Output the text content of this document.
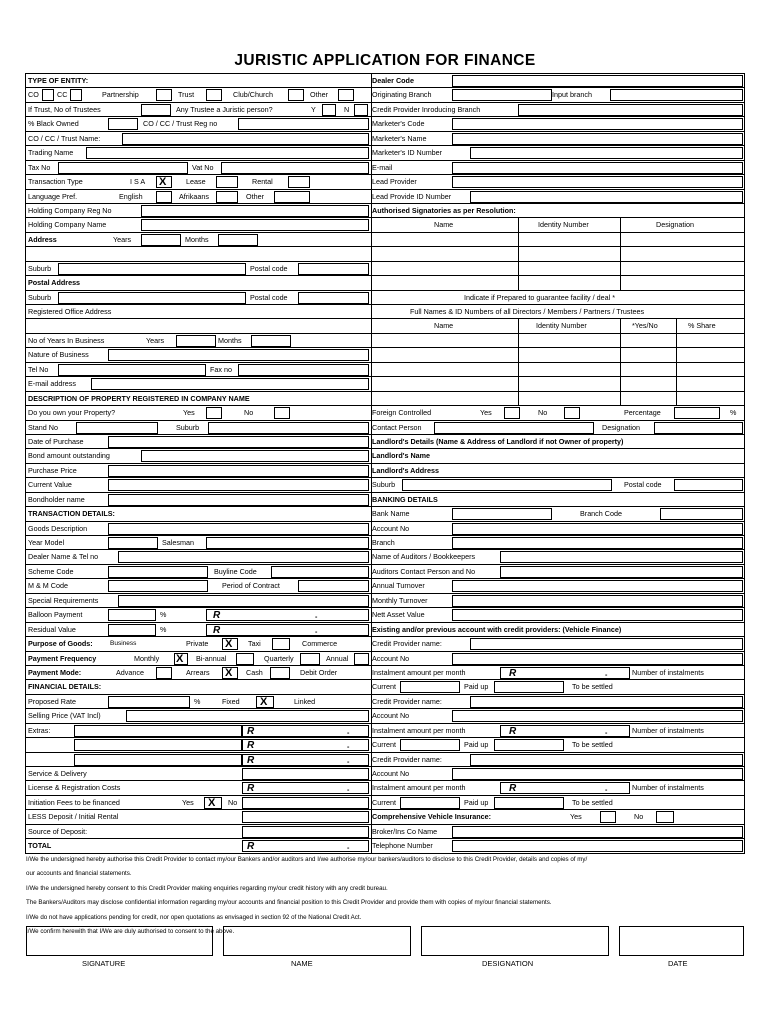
JURISTIC APPLICATION FOR FINANCE
TYPE OF ENTITY:
CO	CC	Partnership	Trust	Club/Church	Other
If Trust, No of Trustees	Any Trustee a Juristic person?	Y	N
% Black Owned	CO / CC / Trust Reg no
CO / CC / Trust Name:
Trading Name
Tax No	Vat No
Transaction Type	I S A X	Lease	Rental
Language Pref.	English	Afrikaans	Other
Holding Company Reg No
Holding Company Name
Address	Years	Months
Suburb	Postal code
Postal Address
Suburb	Postal code
Registered Office Address
No of Years In Business	Years	Months
Nature of Business
Tel No	Fax no
E-mail address
DESCRIPTION OF PROPERTY REGISTERED IN COMPANY NAME
Do you own your Property?	Yes	No
Stand No	Suburb
Date of Purchase
Bond amount outstanding
Purchase Price
Current Value
Bondholder name
TRANSACTION DETAILS:
Goods Description
Year Model	Salesman
Dealer Name & Tel no
Scheme Code	Buyline Code
M & M Code	Period of Contract
Special Requirements
Balloon Payment	%	R	-
Residual Value	%	R	-
Purpose of Goods:	Business	Private X Taxi	Commerce
Payment Frequency	Monthly X Bi-annual	Quarterly	Annual
Payment Mode:	Advance	Arrears X Cash	Debit Order
FINANCIAL DETAILS:
Proposed Rate	%	Fixed X	Linked
Selling Price (VAT Incl)
Extras:	R	-
R	-
R	-
Service & Delivery
License & Registration Costs	R	-
Initiation Fees to be financed	Yes X No
LESS Deposit / Initial Rental
Source of Deposit:
TOTAL	R	-
Dealer Code
Originating Branch	Input branch
Credit Provider Inroducing Branch
Marketer's Code
Marketer's Name
Marketer's ID Number
E-mail
Lead Provider
Lead Provide ID Number
Authorised Signatories as per Resolution:
Name	Identity Number	Designation
Indicate if Prepared to guarantee facility / deal *
Full Names & ID Numbers of all Directors / Members / Partners / Trustees
Name	Identity Number	*Yes/No	% Share
Foreign Controlled	Yes	No	Percentage	%
Contact Person	Designation
Landlord's Details (Name & Address of Landlord if not Owner of property)
Landlord's Name
Landlord's Address
Suburb	Postal code
BANKING DETAILS
Bank Name	Branch Code
Account No
Branch
Name of Auditors / Bookkeepers
Auditors Contact Person and No
Annual Turnover
Monthly Turnover
Nett Asset Value
Existing and/or previous account with credit providers: (Vehicle Finance)
Credit Provider name:
Account No
Instalment amount per month	R	-	Number of instalments
Current	Paid up	To be settled
Credit Provider name:
Account No
Instalment amount per month	R	-	Number of instalments
Current	Paid up	To be settled
Credit Provider name:
Account No
Instalment amount per month	R	-	Number of instalments
Current	Paid up	To be settled
Comprehensive Vehicle Insurance:	Yes	No
Broker/Ins Co Name
Telephone Number
I/We the undersigned hereby authorise this Credit Provider to contact my/our Bankers and/or auditors and I/we authorise my/our bankers/auditors to disclose to this Credit Provider, details and copies of my/
our accounts and financial statements.
I/We the undersigned hereby consent to this Credit Provider making enquiries regarding my/our credit history with any credit bureau.
The Bankers/Auditors may disclose confidential information regarding my/our accounts and financial position to this Credit Provider and provide them with copies of my/our financial statements.
I/We do not have applications pending for credit, nor open quotations as envisaged in section 92 of the National Credit Act.
I/We confirm herewith that I/We are duly authorised to consent to the above.
SIGNATURE	NAME	DESIGNATION	DATE
